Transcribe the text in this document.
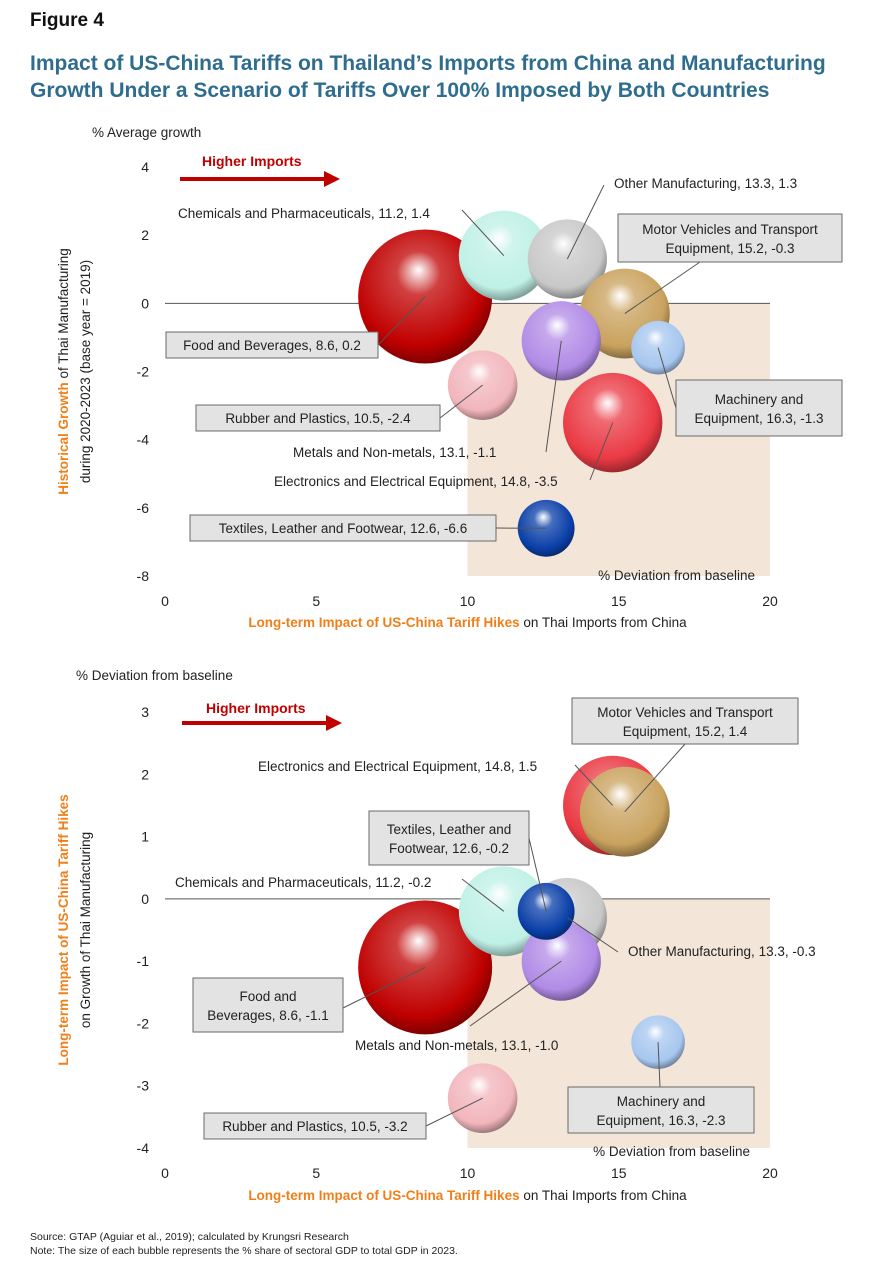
Figure 4
Impact of US-China Tariffs on Thailand’s Imports from China and Manufacturing Growth Under a Scenario of Tariffs Over 100% Imposed by Both Countries
4
2
0
-2
-4
-6
-8
0	5	10	15	20
% Average growth
Higher Imports
% Deviation from baseline
Long-term Impact of US-China Tariff Hikes on Thai Imports from China
Historical Growth of Thai Manufacturing during 2020-2023 (base year = 2019)	Food and Beverages, 8.6, 0.2
Chemicals and Pharmaceuticals, 11.2, 1.4
Other Manufacturing, 13.3, 1.3
Motor Vehicles and Transport
Equipment, 15.2, -0.3
Machinery and
Equipment, 16.3, -1.3
Metals and Non-metals, 13.1, -1.1
Rubber and Plastics, 10.5, -2.4
Electronics and Electrical Equipment, 14.8, -3.5
Textiles, Leather and Footwear, 12.6, -6.6
3
2
1
0
-1
-2
-3
-4
0	5	10	15	20
% Deviation from baseline
Higher Imports
% Deviation from baseline
Long-term Impact of US-China Tariff Hikes on Thai Imports from China
Long-term Impact of US-China Tariff Hikes on Growth of Thai Manufacturing	Food and
Beverages, 8.6, -1.1
Chemicals and Pharmaceuticals, 11.2, -0.2
Other Manufacturing, 13.3, -0.3
Metals and Non-metals, 13.1, -1.0
Textiles, Leather and
Footwear, 12.6, -0.2
Electronics and Electrical Equipment, 14.8, 1.5
Motor Vehicles and Transport
Equipment, 15.2, 1.4
Machinery and
Equipment, 16.3, -2.3
Rubber and Plastics, 10.5, -3.2
Source: GTAP (Aguiar et al., 2019); calculated by Krungsri Research
Note: The size of each bubble represents the % share of sectoral GDP to total GDP in 2023.
